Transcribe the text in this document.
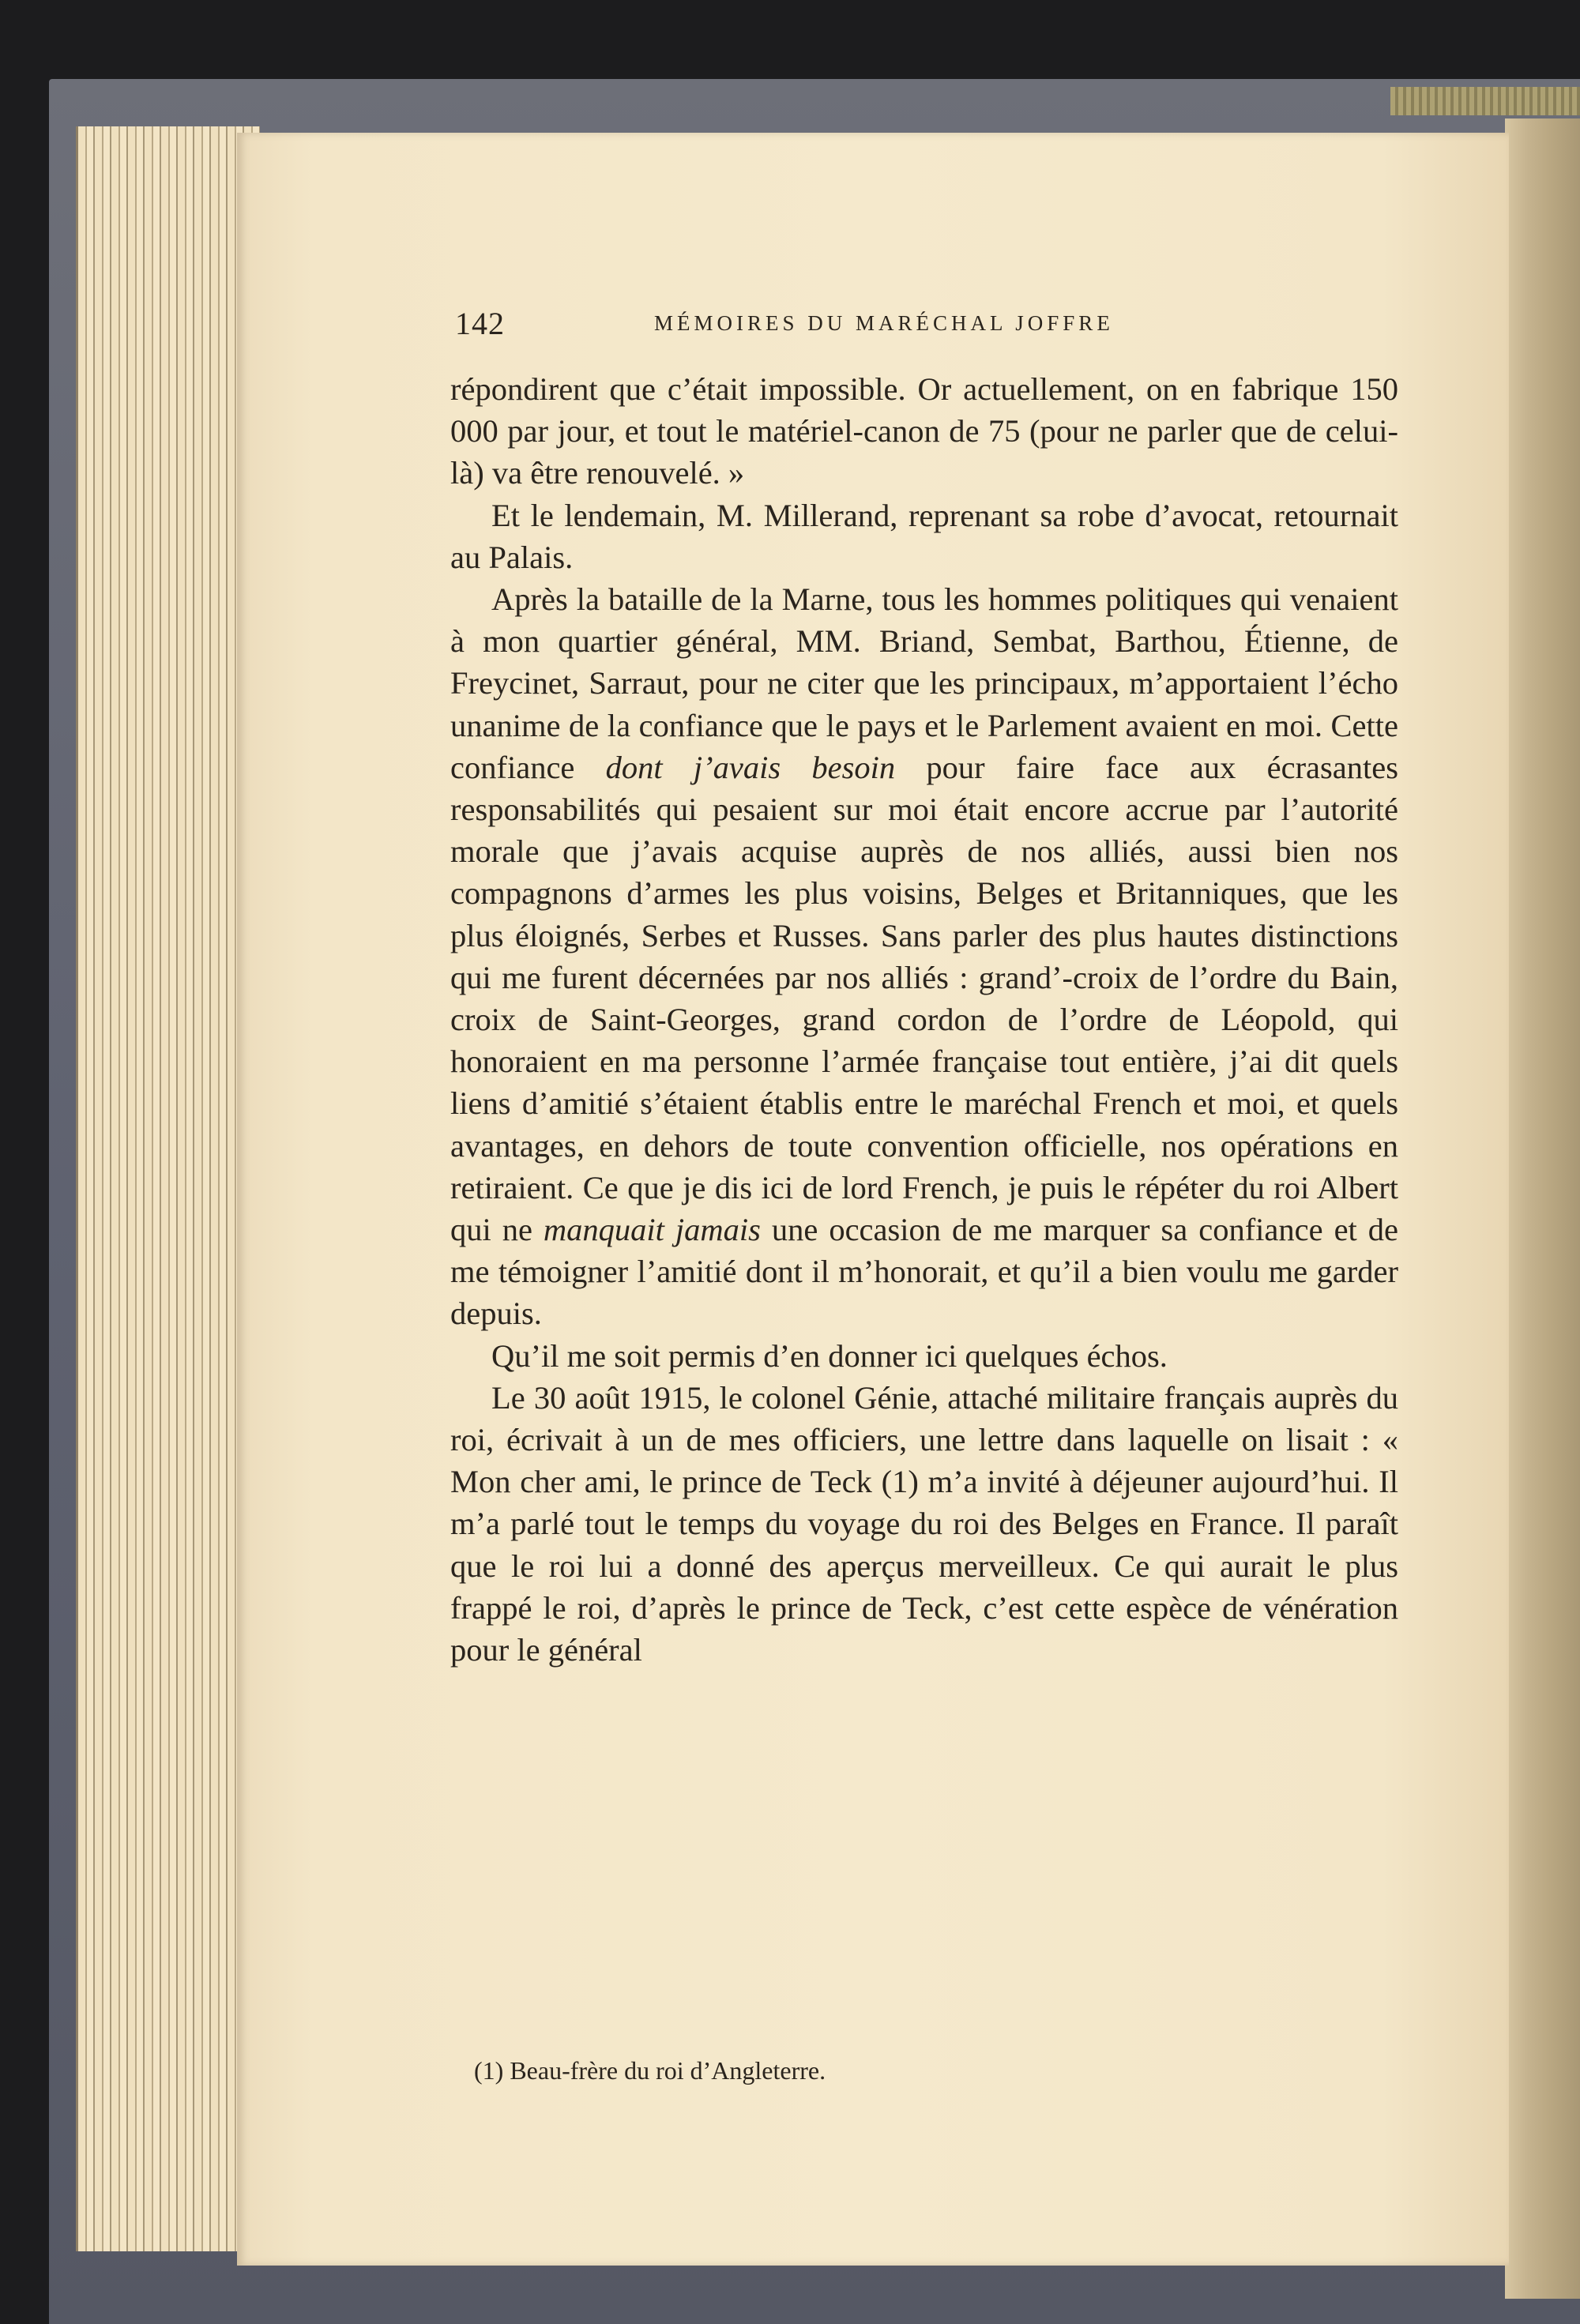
142	MÉMOIRES DU MARÉCHAL JOFFRE

répondirent que c’était impossible. Or actuellement, on en fabrique 150 000 par jour, et tout le matériel-canon de 75 (pour ne parler que de celui-là) va être renouvelé. »

Et le lendemain, M. Millerand, reprenant sa robe d’avocat, retournait au Palais.

Après la bataille de la Marne, tous les hommes politiques qui venaient à mon quartier général, MM. Briand, Sembat, Barthou, Étienne, de Freycinet, Sarraut, pour ne citer que les principaux, m’apportaient l’écho unanime de la confiance que le pays et le Parlement avaient en moi. Cette confiance dont j’avais besoin pour faire face aux écrasantes responsabilités qui pesaient sur moi était encore accrue par l’autorité morale que j’avais acquise auprès de nos alliés, aussi bien nos compagnons d’armes les plus voisins, Belges et Britanniques, que les plus éloignés, Serbes et Russes. Sans parler des plus hautes distinctions qui me furent décernées par nos alliés : grand’-croix de l’ordre du Bain, croix de Saint-Georges, grand cordon de l’ordre de Léopold, qui honoraient en ma personne l’armée française tout entière, j’ai dit quels liens d’amitié s’étaient établis entre le maréchal French et moi, et quels avantages, en dehors de toute convention officielle, nos opérations en retiraient. Ce que je dis ici de lord French, je puis le répéter du roi Albert qui ne manquait jamais une occasion de me marquer sa confiance et de me témoigner l’amitié dont il m’honorait, et qu’il a bien voulu me garder depuis.

Qu’il me soit permis d’en donner ici quelques échos.

Le 30 août 1915, le colonel Génie, attaché militaire français auprès du roi, écrivait à un de mes officiers, une lettre dans laquelle on lisait : « Mon cher ami, le prince de Teck (1) m’a invité à déjeuner aujourd’hui. Il m’a parlé tout le temps du voyage du roi des Belges en France. Il paraît que le roi lui a donné des aperçus merveilleux. Ce qui aurait le plus frappé le roi, d’après le prince de Teck, c’est cette espèce de vénération pour le général

(1) Beau-frère du roi d’Angleterre.
